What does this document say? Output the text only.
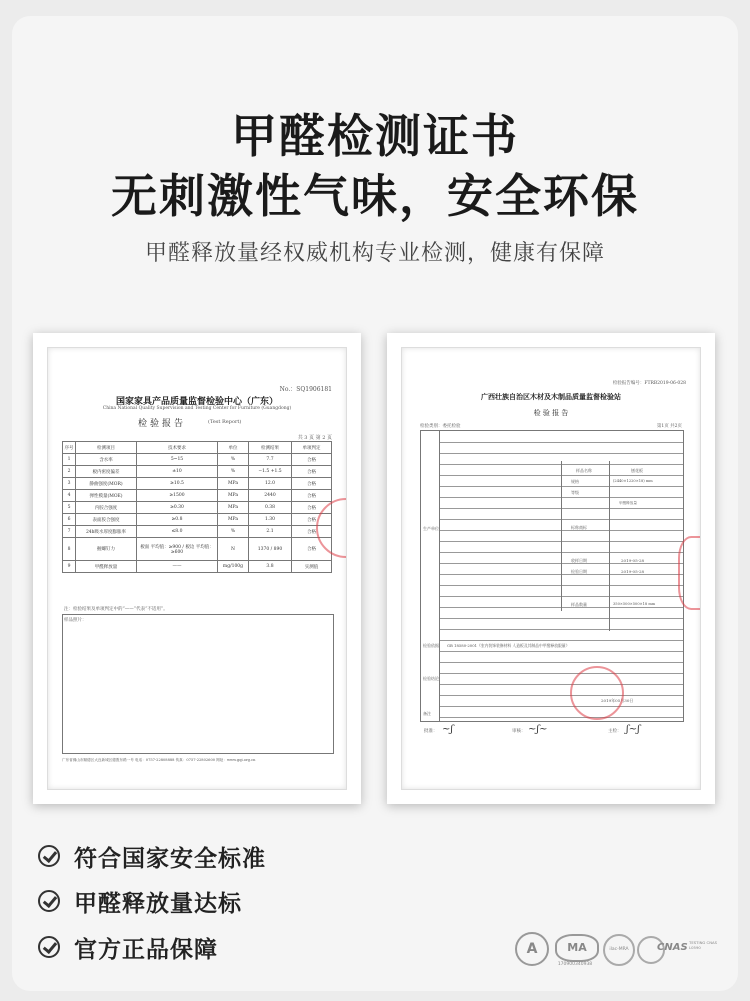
甲醛检测证书
无刺激性气味，安全环保
甲醛释放量经权威机构专业检测，健康有保障
No.：SQ1906181
国家家具产品质量监督检验中心（广东）
China National Quality Supervision and Testing Center for Furniture (Guangdong)
检验报告	(Test Report)
共 3 页 第 2 页
序号	检测项目	技术要求	单位	检测结果	单项判定
1	含水率	5~15	%	7.7	合格
2	板内密度偏差	±10	%	−1.5 +1.5	合格
3	静曲强度(MOR)	≥10.5	MPa	12.0	合格
4	弹性模量(MOE)	≥1500	MPa	2440	合格
5	内胶合强度	≥0.30	MPa	0.38	合格
6	表面胶合强度	≥0.8	MPa	1.30	合格
7	24h吸水厚度膨胀率	≤8.0	%	2.1	合格
8	握螺钉力	板面 平均值：≥900 / 板边 平均值：≥600	N	1370 / 890	合格
9	甲醛释放量	——	mg/100g	3.8	实测值
注：检验结果及单项判定中的“——”代表“不适用”。
样品照片：
广东省佛山市顺德区大良新城区德胜东路一号 电话：0757-22808888 传真：0757-22802600 网址：www.gqi.org.cn
检验报告编号：FTRB2019-06-028
广西壮族自治区木材及木制品质量监督检验站
检 验 报 告
检验类别：委托检验	第1页 共2页
样品名称	刨花板
规格	(2440×1220×18) mm
等级
甲醛释放量
生产单位	标称商标
收样日期	2019-05-28
检验日期	2019-05-28
样品数量	350×500×500×18 mm
检验依据 GB 18580-2001《室内装饰装修材料 人造板及其制品中甲醛释放限量》
检验结论
2019年05月30日
备注
批准： ~ʃ	审核： ~ʃ~	主检： ʃ~ʃ
符合国家安全标准
甲醛释放量达标
官方正品保障	A	MA
170900340938
ilac-MRA	CNAS TESTING CNAS L0590
